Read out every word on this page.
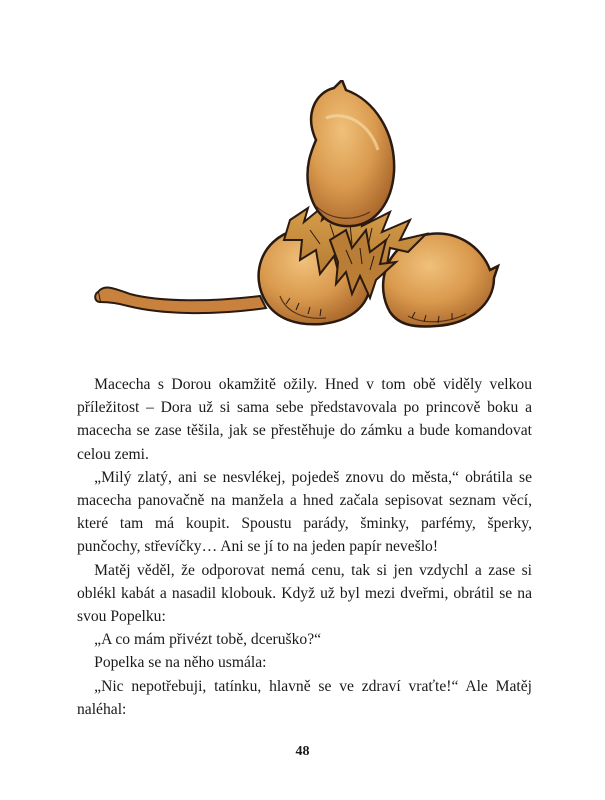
Macecha s Dorou okamžitě ožily. Hned v tom obě viděly velkou příležitost – Dora už si sama sebe představovala po princově boku a macecha se zase těšila, jak se přestěhuje do zámku a bude komandovat celou zemi.

„Milý zlatý, ani se nesvlékej, pojedeš znovu do města,“ obrátila se macecha panovačně na manžela a hned začala sepisovat seznam věcí, které tam má koupit. Spoustu parády, šminky, parfémy, šperky, punčochy, střevíčky… Ani se jí to na jeden papír nevešlo!

Matěj věděl, že odporovat nemá cenu, tak si jen vzdychl a zase si oblékl kabát a nasadil klobouk. Když už byl mezi dveřmi, obrátil se na svou Popelku:

„A co mám přivézt tobě, dceruško?“

Popelka se na něho usmála:

„Nic nepotřebuji, tatínku, hlavně se ve zdraví vraťte!“ Ale Matěj naléhal:

48
